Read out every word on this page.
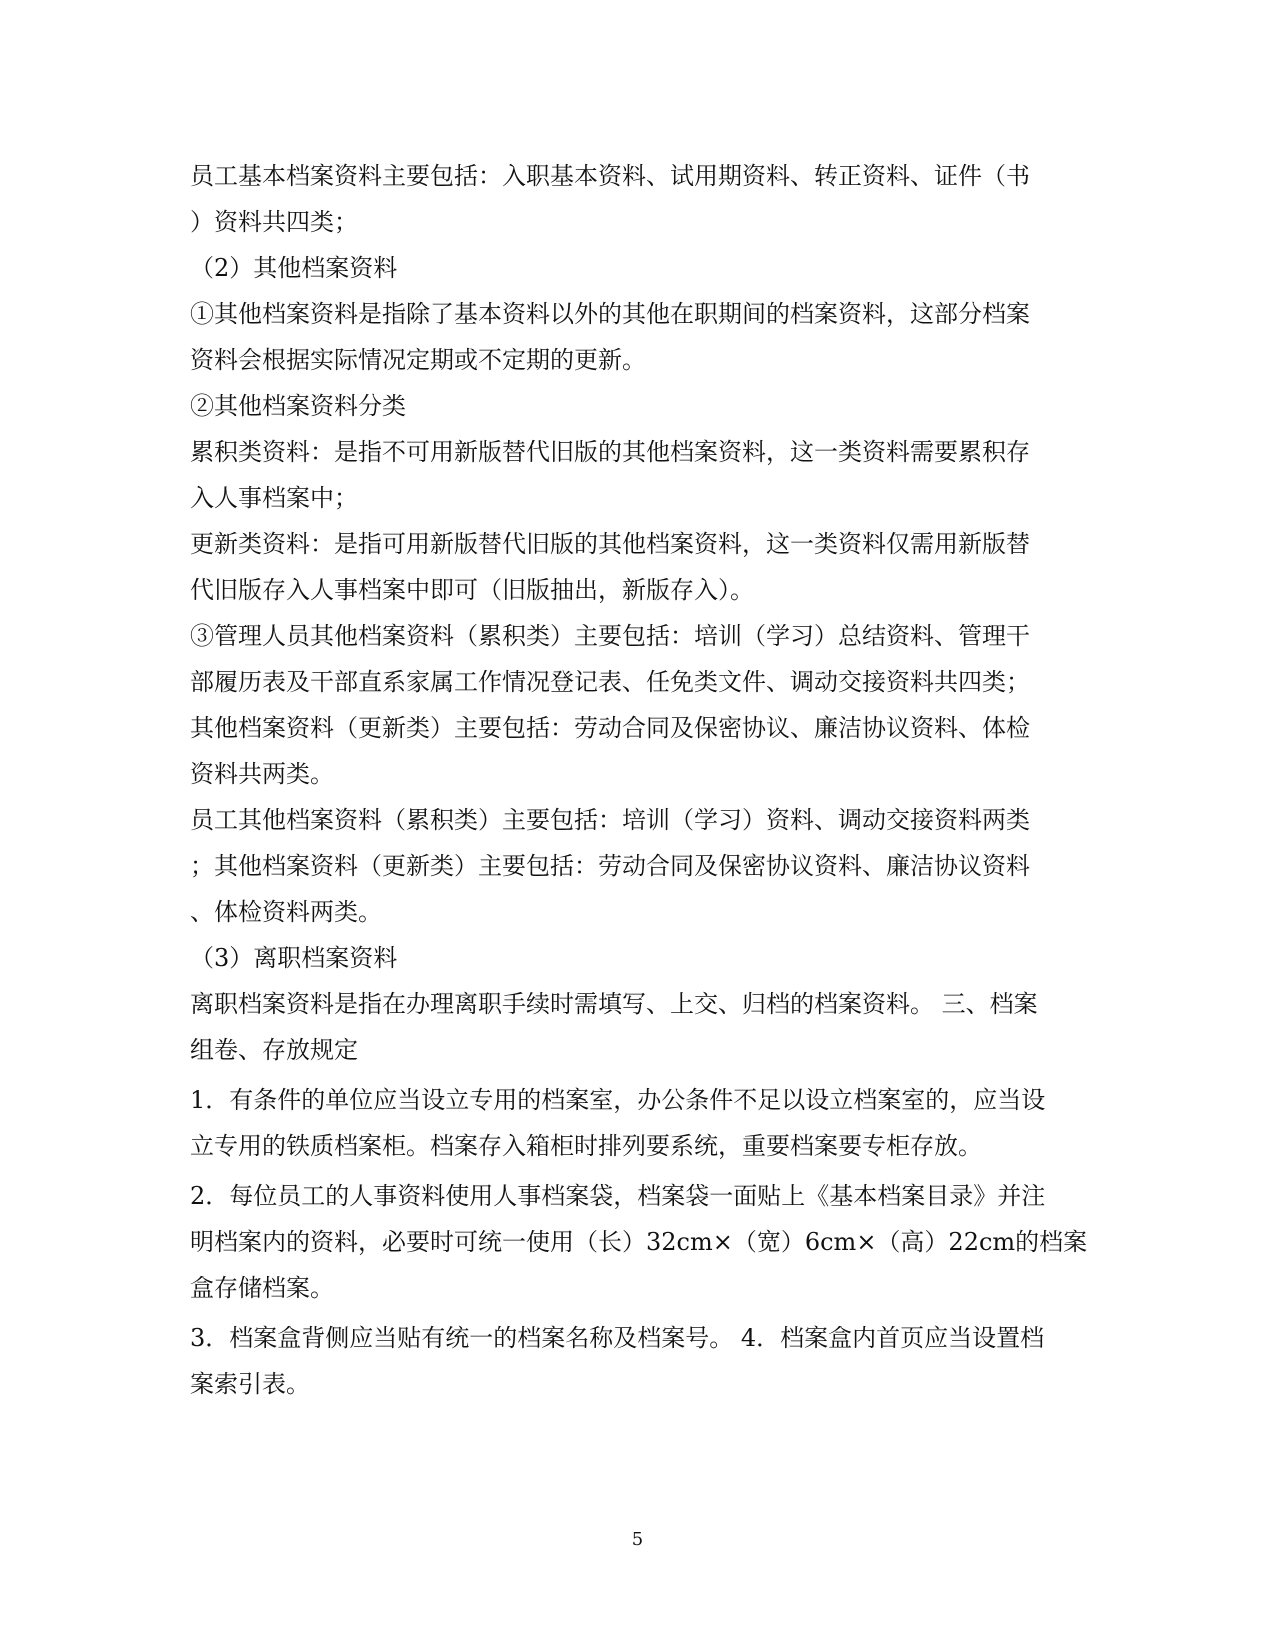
员工基本档案资料主要包括：入职基本资料、试用期资料、转正资料、证件（书
）资料共四类；
（2）其他档案资料
①其他档案资料是指除了基本资料以外的其他在职期间的档案资料，这部分档案
资料会根据实际情况定期或不定期的更新。
②其他档案资料分类
累积类资料：是指不可用新版替代旧版的其他档案资料，这一类资料需要累积存
入人事档案中；
更新类资料：是指可用新版替代旧版的其他档案资料，这一类资料仅需用新版替
代旧版存入人事档案中即可（旧版抽出，新版存入）。
③管理人员其他档案资料（累积类）主要包括：培训（学习）总结资料、管理干
部履历表及干部直系家属工作情况登记表、任免类文件、调动交接资料共四类；
其他档案资料（更新类）主要包括：劳动合同及保密协议、廉洁协议资料、体检
资料共两类。
员工其他档案资料（累积类）主要包括：培训（学习）资料、调动交接资料两类
；其他档案资料（更新类）主要包括：劳动合同及保密协议资料、廉洁协议资料
、体检资料两类。
（3）离职档案资料
离职档案资料是指在办理离职手续时需填写、上交、归档的档案资料。 三、档案
组卷、存放规定
1．有条件的单位应当设立专用的档案室，办公条件不足以设立档案室的，应当设
立专用的铁质档案柜。档案存入箱柜时排列要系统，重要档案要专柜存放。
2．每位员工的人事资料使用人事档案袋，档案袋一面贴上《基本档案目录》并注
明档案内的资料，必要时可统一使用（长）32cm×（宽）6cm×（高）22cm的档案
盒存储档案。
3．档案盒背侧应当贴有统一的档案名称及档案号。 4．档案盒内首页应当设置档
案索引表。
5
